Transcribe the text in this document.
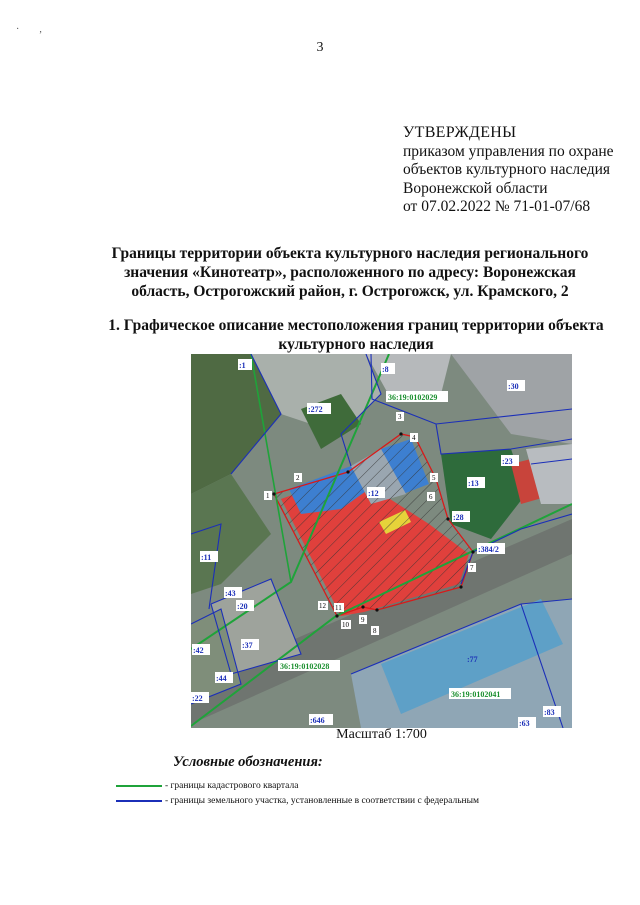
·        ,
3
УТВЕРЖДЕНЫ
приказом управления по охране
объектов культурного наследия
Воронежской области
от 07.02.2022 № 71-01-07/68
Границы территории объекта культурного наследия регионального
значения «Кинотеатр», расположенного по адресу: Воронежская
область, Острогожский район, г. Острогожск, ул. Крамского, 2
1. Графическое описание местоположения границ территории объекта
культурного наследия
36:19:0102029
36:19:0102028
36:19:0102041
:1	:8
:30
:272
:23
:13
:12
:28
:384/2
:11
:43
:20
:37
:42
:44
:22
:77
:646	:63
:83
1
2
3
4
5
6
7
8
9
10
11
12
Масштаб 1:700
Условные обозначения:
- границы кадастрового квартала
- границы земельного участка, установленные в соответствии с федеральным
